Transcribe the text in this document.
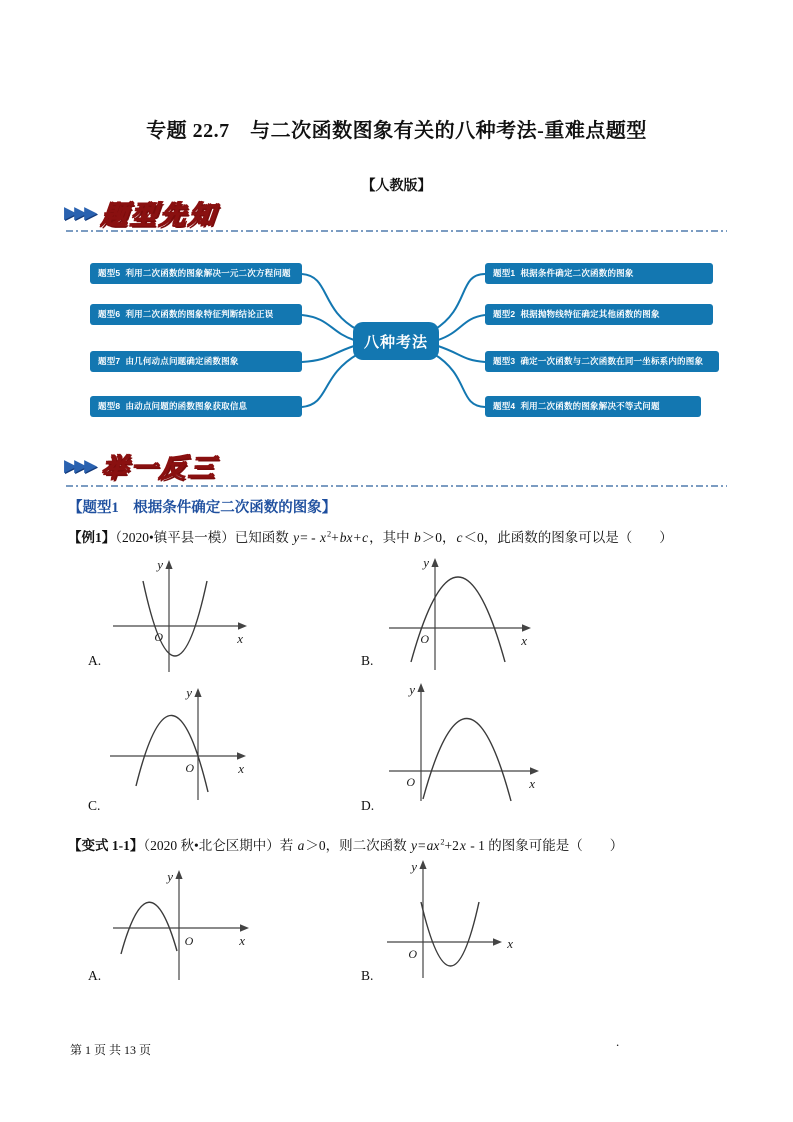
专题 22.7　与二次函数图象有关的八种考法-重难点题型
【人教版】
▶▶▶ 题型先知
题型5  利用二次函数的图象解决一元二次方程问题
题型6  利用二次函数的图象特征判断结论正误
题型7  由几何动点问题确定函数图象
题型8  由动点问题的函数图象获取信息
题型1  根据条件确定二次函数的图象
题型2  根据抛物线特征确定其他函数的图象
题型3  确定一次函数与二次函数在同一坐标系内的图象
题型4  利用二次函数的图象解决不等式问题
八种考法
▶▶▶ 举一反三
【题型1　根据条件确定二次函数的图象】

【例1】（2020•镇平县一模）已知函数 $y= - x^2+bx+c$，其中 b＞0，c＜0，此函数的图象可以是（　　）

y
x
O
y
x
O
A.	B.
y
x
O
y
x
O
C.	D.

【变式 1-1】（2020 秋•北仑区期中）若 a＞0，则二次函数 $y=ax^2+2x - 1$ 的图象可能是（　　）

y
x
O
y
x
O
A.	B.
第 1 页 共 13 页
.
